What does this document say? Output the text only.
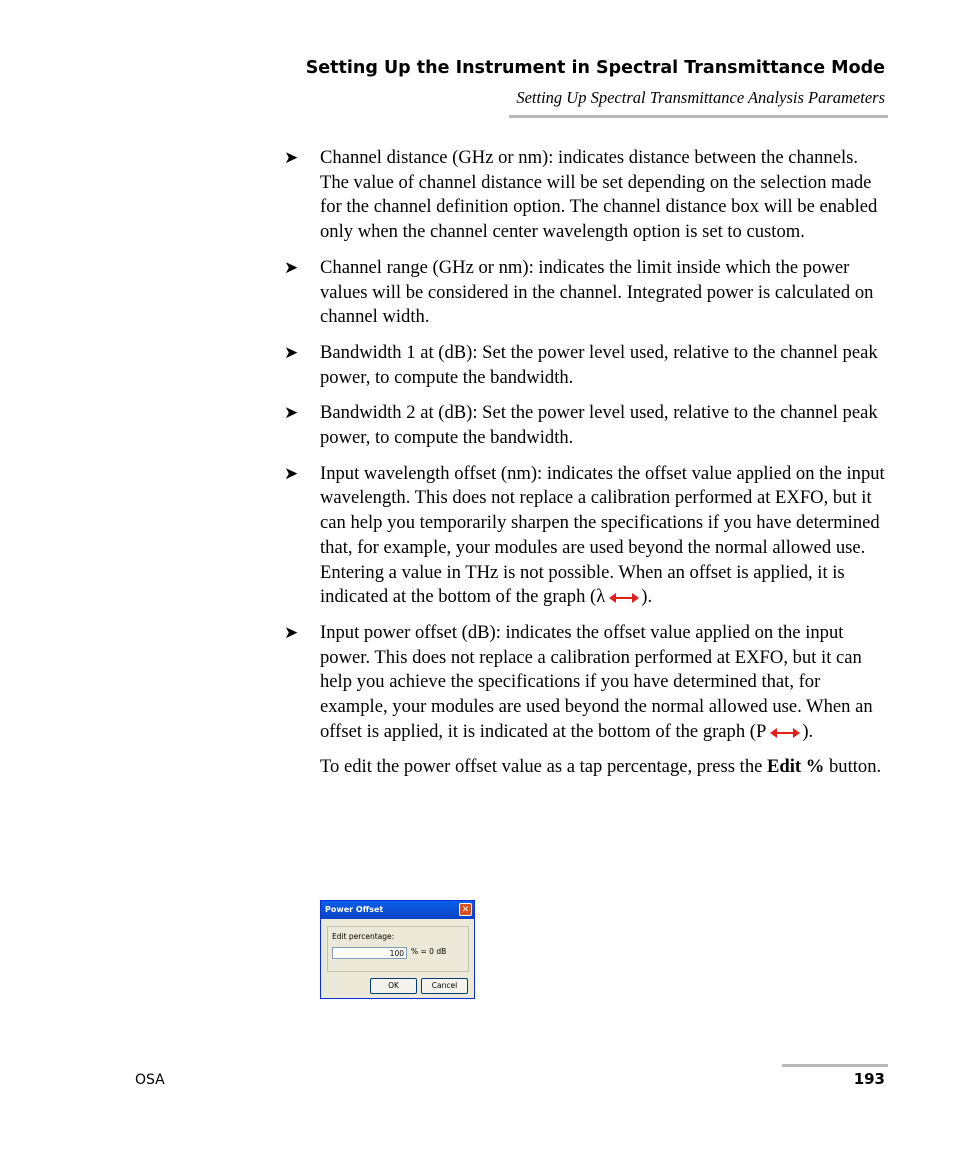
Setting Up the Instrument in Spectral Transmittance Mode
Setting Up Spectral Transmittance Analysis Parameters
➤ Channel distance (GHz or nm): indicates distance between the channels. The value of channel distance will be set depending on the selection made for the channel definition option. The channel distance box will be enabled only when the channel center wavelength option is set to custom.
➤ Channel range (GHz or nm): indicates the limit inside which the power values will be considered in the channel. Integrated power is calculated on channel width.
➤ Bandwidth 1 at (dB): Set the power level used, relative to the channel peak power, to compute the bandwidth.
➤ Bandwidth 2 at (dB): Set the power level used, relative to the channel peak power, to compute the bandwidth.
➤ Input wavelength offset (nm): indicates the offset value applied on the input wavelength. This does not replace a calibration performed at EXFO, but it can help you temporarily sharpen the specifications if you have determined that, for example, your modules are used beyond the normal allowed use. Entering a value in THz is not possible. When an offset is applied, it is indicated at the bottom of the graph (λ ).
➤ Input power offset (dB): indicates the offset value applied on the input power. This does not replace a calibration performed at EXFO, but it can help you achieve the specifications if you have determined that, for example, your modules are used beyond the normal allowed use. When an offset is applied, it is indicated at the bottom of the graph (P ).
To edit the power offset value as a tap percentage, press the Edit % button.
Power Offset	✕
Edit percentage:
100 % = 0 dB
OK	Cancel
OSA	193
